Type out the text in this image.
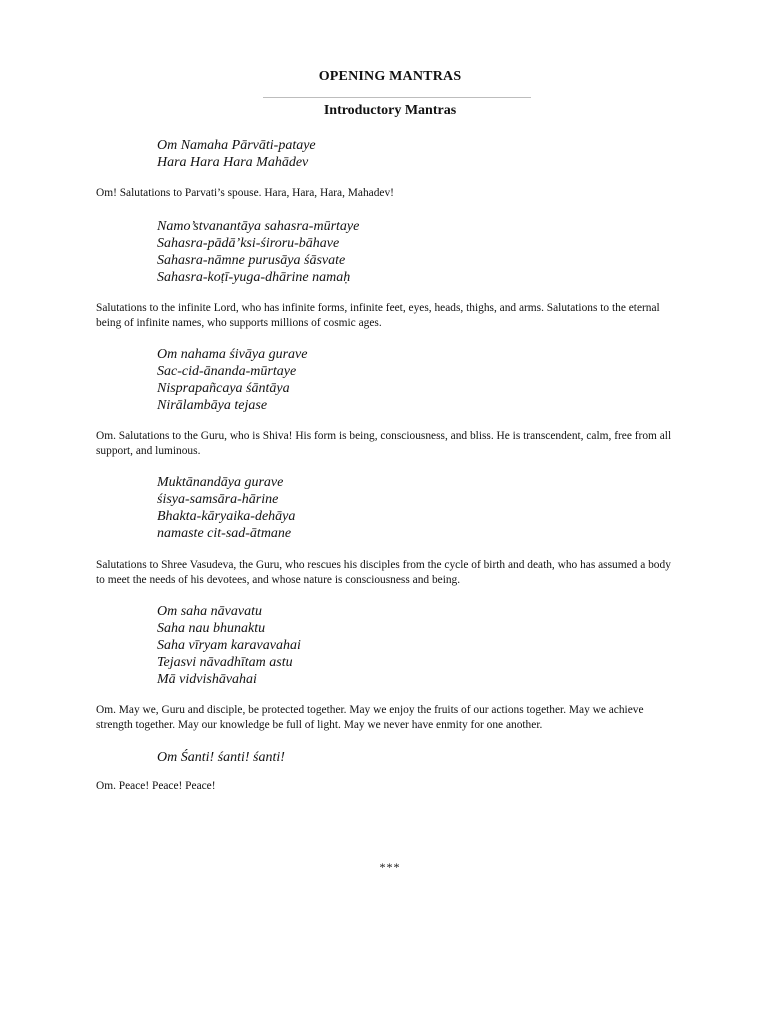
OPENING MANTRAS
Introductory Mantras
Om Namaha Pārvāti-pataye
Hara Hara Hara Mahādev
Om! Salutations to Parvati’s spouse. Hara, Hara, Hara, Mahadev!
Namo’stvanantāya sahasra-mūrtaye
Sahasra-pādā’ksi-śiroru-bāhave
Sahasra-nāmne purusāya śāsvate
Sahasra-koṭī-yuga-dhārine namaḥ
Salutations to the infinite Lord, who has infinite forms, infinite feet, eyes, heads, thighs, and arms. Salutations to the eternal being of infinite names, who supports millions of cosmic ages.
Om nahama śivāya gurave
Sac-cid-ānanda-mūrtaye
Nisprapañcaya śāntāya
Nirālambāya tejase
Om. Salutations to the Guru, who is Shiva! His form is being, consciousness, and bliss. He is transcendent, calm, free from all support, and luminous.
Muktānandāya gurave
śisya-samsāra-hārine
Bhakta-kāryaika-dehāya
namaste cit-sad-ātmane
Salutations to Shree Vasudeva, the Guru, who rescues his disciples from the cycle of birth and death, who has assumed a body to meet the needs of his devotees, and whose nature is consciousness and being.
Om saha nāvavatu
Saha nau bhunaktu
Saha vīryam karavavahai
Tejasvi nāvadhītam astu
Mā vidvishāvahai
Om. May we, Guru and disciple, be protected together. May we enjoy the fruits of our actions together. May we achieve strength together. May our knowledge be full of light. May we never have enmity for one another.
Om Śanti! śanti! śanti!
Om. Peace! Peace! Peace!
***
